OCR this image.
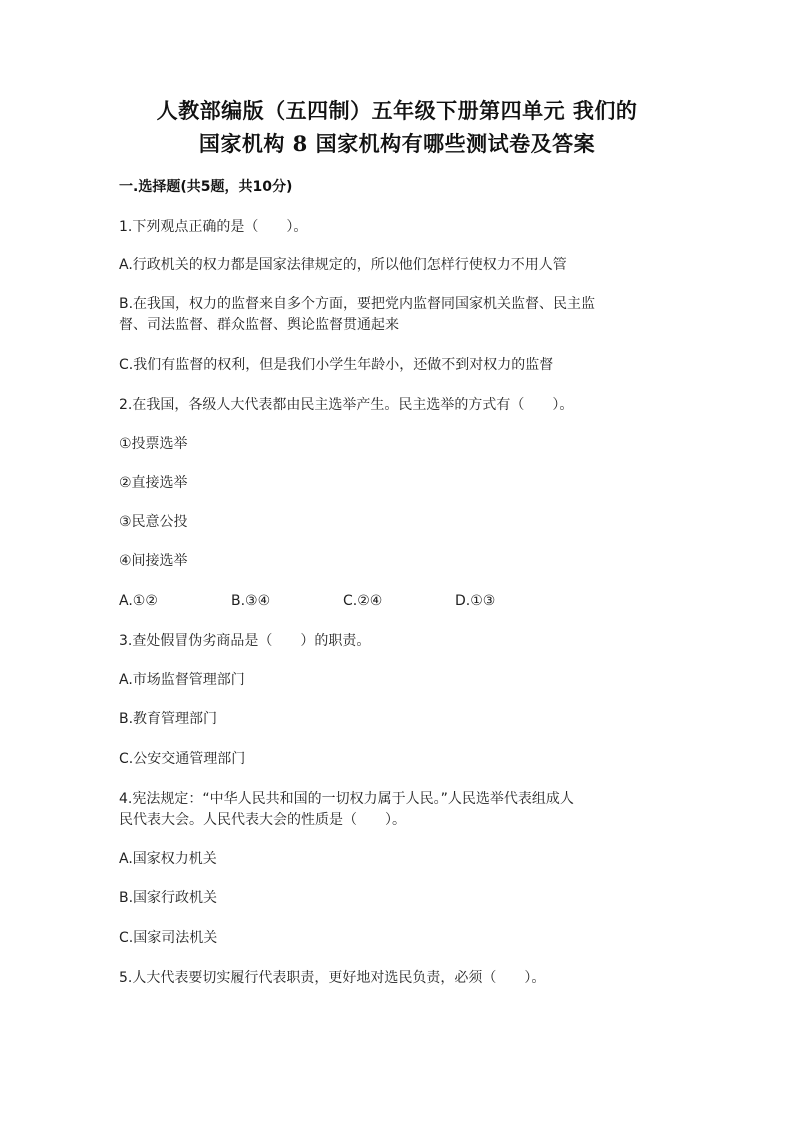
人教部编版（五四制）五年级下册第四单元 我们的
国家机构 8 国家机构有哪些测试卷及答案
一.选择题(共5题，共10分)
1.下列观点正确的是（　　）。
A.行政机关的权力都是国家法律规定的，所以他们怎样行使权力不用人管
B.在我国，权力的监督来自多个方面，要把党内监督同国家机关监督、民主监
督、司法监督、群众监督、舆论监督贯通起来
C.我们有监督的权利，但是我们小学生年龄小，还做不到对权力的监督
2.在我国，各级人大代表都由民主选举产生。民主选举的方式有（　　）。
①投票选举
②直接选举
③民意公投
④间接选举
A.①②	B.③④	C.②④	D.①③
3.查处假冒伪劣商品是（　　）的职责。
A.市场监督管理部门
B.教育管理部门
C.公安交通管理部门
4.宪法规定：“中华人民共和国的一切权力属于人民。”人民选举代表组成人
民代表大会。人民代表大会的性质是（　　）。
A.国家权力机关
B.国家行政机关
C.国家司法机关
5.人大代表要切实履行代表职责，更好地对选民负责，必须（　　）。
